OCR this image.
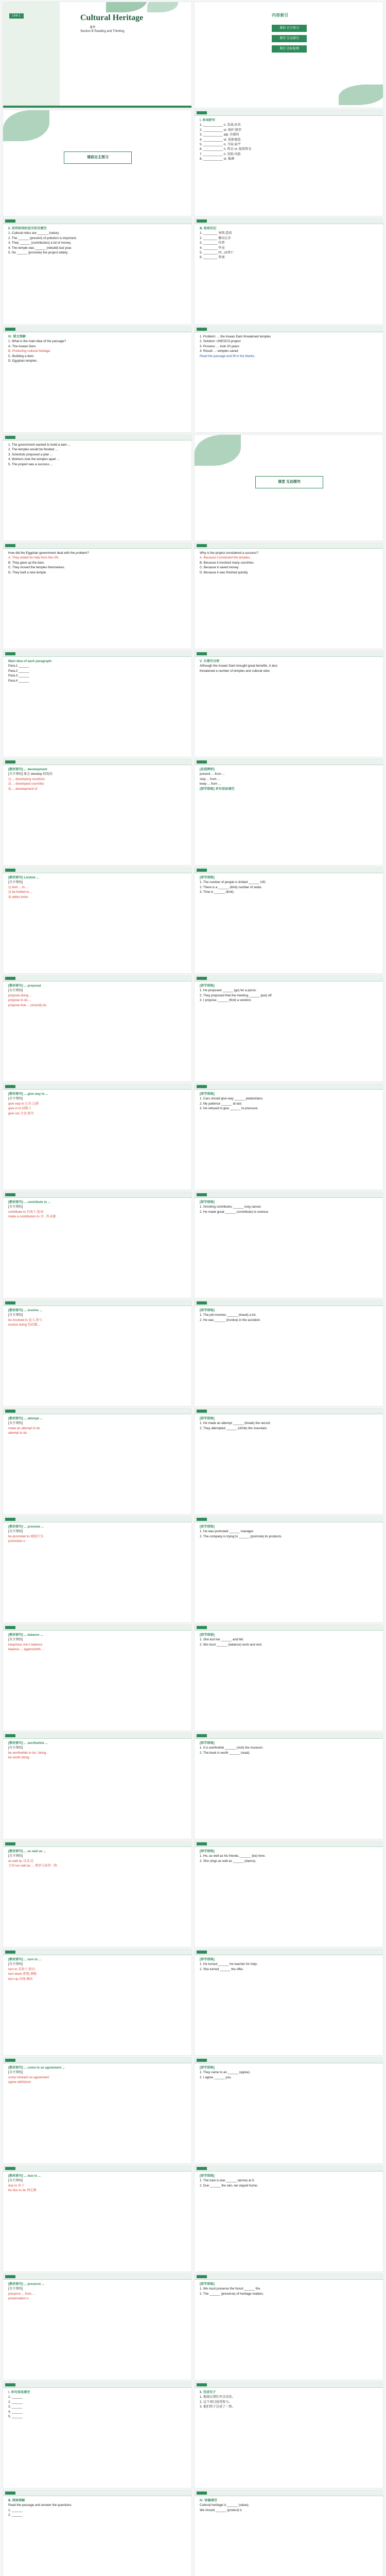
Unit 1	Cultural Heritage
课件
Section B Reading and Thinking
内容索引
课前 自主预习
课堂 互动探究
课后 达标检测
课前自主预习

Ⅰ. 单词拼写

1. ___________ n. 发展,改善

2. ___________ vt. 保护;保存

3. ___________ adj. 有限的

4. ___________ vt. 重新建造

5. ___________ n. 寺庙,庙宇

6. ___________ n. 资金 vt. 提供资金

7. ___________ n. 冒险;风险

8. ___________ vt. 强调

Ⅱ. 用所给词的适当形式填空

1. Cultural relics are ______ (value).

2. The ______ (prevent) of pollution is important.

3. They ______ (contribution) a lot of money.

4. The temple was ______ (rebuild) last year.

5. He ______ (promote) the project widely.

Ⅲ. 短语识记

1. ________ 导致;造成

2. ________ 做出让步

3. ________ 代替

4. ________ 毕竟

5. ________ 因...而死亡

6. ________ 参加

Ⅳ. 课文理解

1. What is the main idea of the passage?

A. The Aswan Dam.

B. Protecting cultural heritage.

C. Building a dam.

D. Egyptian temples.

1. Problem: ... the Aswan Dam threatened temples

2. Solution: UNESCO project

3. Process: ... took 20 years

4. Result: ... temples saved

Read the passage and fill in the blanks.

1. The government wanted to build a dam ...

2. The temples would be flooded ...

3. Scientists proposed a plan ...

4. Workers took the temples apart ...

5. The project was a success ...

课堂 互动探究

How did the Egyptian government deal with the problem?

A. They asked for help from the UN.

B. They gave up the dam.

C. They moved the temples themselves.

D. They built a new temple.

Why is the project considered a success?

A. Because it protected the temples.

B. Because it involved many countries.

C. Because it saved money.

D. Because it was finished quickly.

Main idea of each paragraph:

Para.1 ______

Para.2 ______

Para.3 ______

Para.4 ______

Ⅴ. 长难句分析

Although the Aswan Dam brought great benefits, it also

threatened a number of temples and cultural sites.

[教材原句] ... development

[自主领悟] 体会 develop 的用法

1) ... developing countries

2) ... developed countries

3) ... development of

[易混辨析]

prevent ... from ...

stop ... from ...

keep ... from ...

[即学即练] 单句语法填空

[教材原句] Limited ...

[自主领悟]

1) limit ... to ...

2) be limited to ...

3) within limits

[即学即练]

1. The number of people is limited ______ 100.

2. There is a ______ (limit) number of seats.

3. Time is ______ (limit).

[教材原句] ... proposal

[自主领悟]

propose doing ...

propose to do ...

propose that ... (should) do

[即学即练]

1. He proposed ______ (go) for a picnic.

2. They proposed that the meeting ______ (put) off.

3. I propose ______ (find) a solution.

[教材原句] ... give way to ...

[自主领悟]

give way to 让步;让路

give in to 屈服于

give out 分发;耗尽

[即学即练]

1. Cars should give way ______ pedestrians.

2. My patience ______ at last.

3. He refused to give ______ to pressure.

[教材原句] ... contribute to ...

[自主领悟]

contribute to 有助于;促成

make a contribution to 对...作贡献

[即学即练]

1. Smoking contributes ______ lung cancer.

2. He made great ______ (contribute) to science.

[教材原句] ... involve ...

[自主领悟]

be involved in 卷入;参与

involve doing 包括做...

[即学即练]

1. The job involves ______ (travel) a lot.

2. He was ______ (involve) in the accident.

[教材原句] ... attempt ...

[自主领悟]

make an attempt to do

attempt to do

[即学即练]

1. He made an attempt ______ (break) the record.

2. They attempted ______ (climb) the mountain.

[教材原句] ... promote ...

[自主领悟]

be promoted to 被提升为

promotion n.

[即学即练]

1. He was promoted ______ manager.

2. The company is trying to ______ (promote) its products.

[教材原句] ... balance ...

[自主领悟]

keep/lose one's balance

balance ... against/with ...

[即学即练]

1. She lost her ______ and fell.

2. We must ______ (balance) work and rest.

[教材原句] ... worthwhile ...

[自主领悟]

be worthwhile to do / doing

be worth doing

[即学即练]

1. It is worthwhile ______ (visit) the museum.

2. The book is worth ______ (read).

[教材原句] ... as well as ...

[自主领悟]

as well as 以及;还

主语+as well as ... 谓语与前者一致

[即学即练]

1. He, as well as his friends, ______ (be) here.

2. She sings as well as ______ (dance).

[教材原句] ... turn to ...

[自主领悟]

turn to 求助于;转向

turn down 拒绝;调低

turn up 出现;调高

[即学即练]

1. He turned ______ his teacher for help.

2. She turned ______ the offer.

[教材原句] ... come to an agreement ...

[自主领悟]

come to/reach an agreement

agree with/to/on

[即学即练]

1. They came to an ______ (agree).

2. I agree ______ you.

[教材原句] ... due to ...

[自主领悟]

due to 由于

be due to do 预定做

[即学即练]

1. The train is due ______ (arrive) at 5.

2. Due ______ the rain, we stayed home.

[教材原句] ... preserve ...

[自主领悟]

preserve ... from ...

preservation n.

[即学即练]

1. We must preserve the forest ______ fire.

2. The ______ (preserve) of heritage matters.

Ⅰ. 单句语法填空

1. ______

2. ______

3. ______

4. ______

5. ______

Ⅱ. 完成句子

1. 他提议我们早点出发。

2. 这个项目值得参与。

3. 他们终于达成了一致。

Ⅲ. 阅读理解

Read the passage and answer the questions.

1. ______

2. ______

Ⅳ. 语篇填空

Cultural heritage is ______ (value).

We should ______ (protect) it.
